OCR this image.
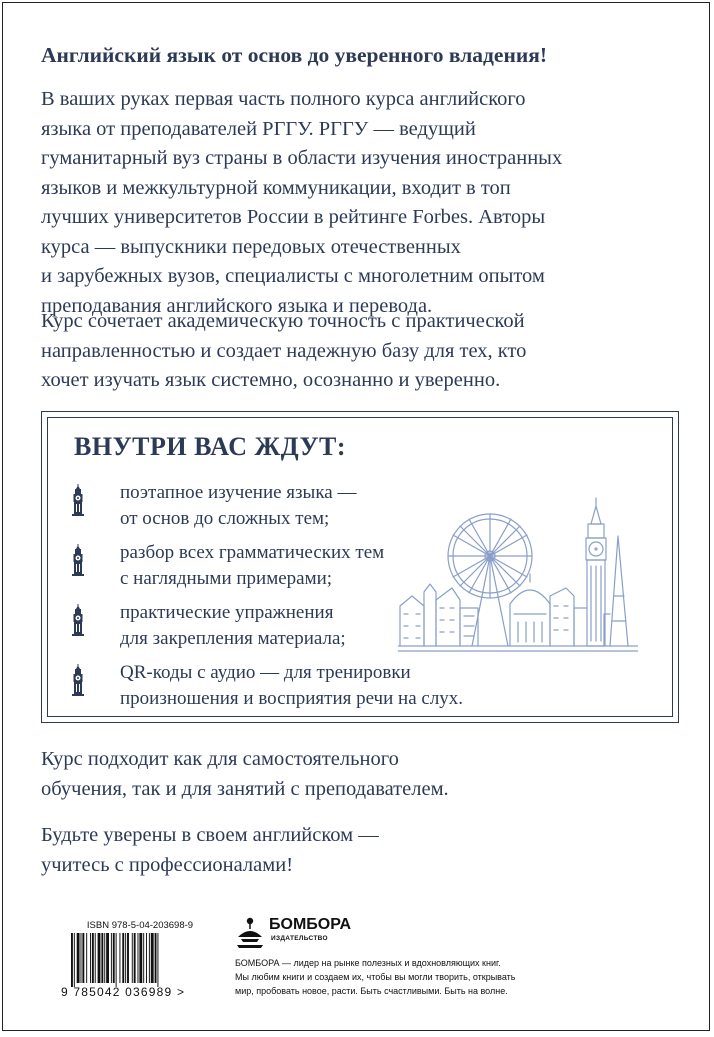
Английский язык от основ до уверенного владения!
В ваших руках первая часть полного курса английского
языка от преподавателей РГГУ. РГГУ — ведущий
гуманитарный вуз страны в области изучения иностранных
языков и межкультурной коммуникации, входит в топ
лучших университетов России в рейтинге Forbes. Авторы
курса — выпускники передовых отечественных
и зарубежных вузов, специалисты с многолетним опытом
преподавания английского языка и перевода.
Курс сочетает академическую точность с практической
направленностью и создает надежную базу для тех, кто
хочет изучать язык системно, осознанно и уверенно.
ВНУТРИ ВАС ЖДУТ:
поэтапное изучение языка —
от основ до сложных тем;
разбор всех грамматических тем
с наглядными примерами;
практические упражнения
для закрепления материала;
QR-коды с аудио — для тренировки
произношения и восприятия речи на слух.
Курс подходит как для самостоятельного
обучения, так и для занятий с преподавателем.
Будьте уверены в своем английском —
учитесь с профессионалами!
ISBN 978-5-04-203698-9
9 785042 036989 >
БОМБОРА
ИЗДАТЕЛЬСТВО
БОМБОРА — лидер на рынке полезных и вдохновляющих книг.
Мы любим книги и создаем их, чтобы вы могли творить, открывать
мир, пробовать новое, расти. Быть счастливыми. Быть на волне.
